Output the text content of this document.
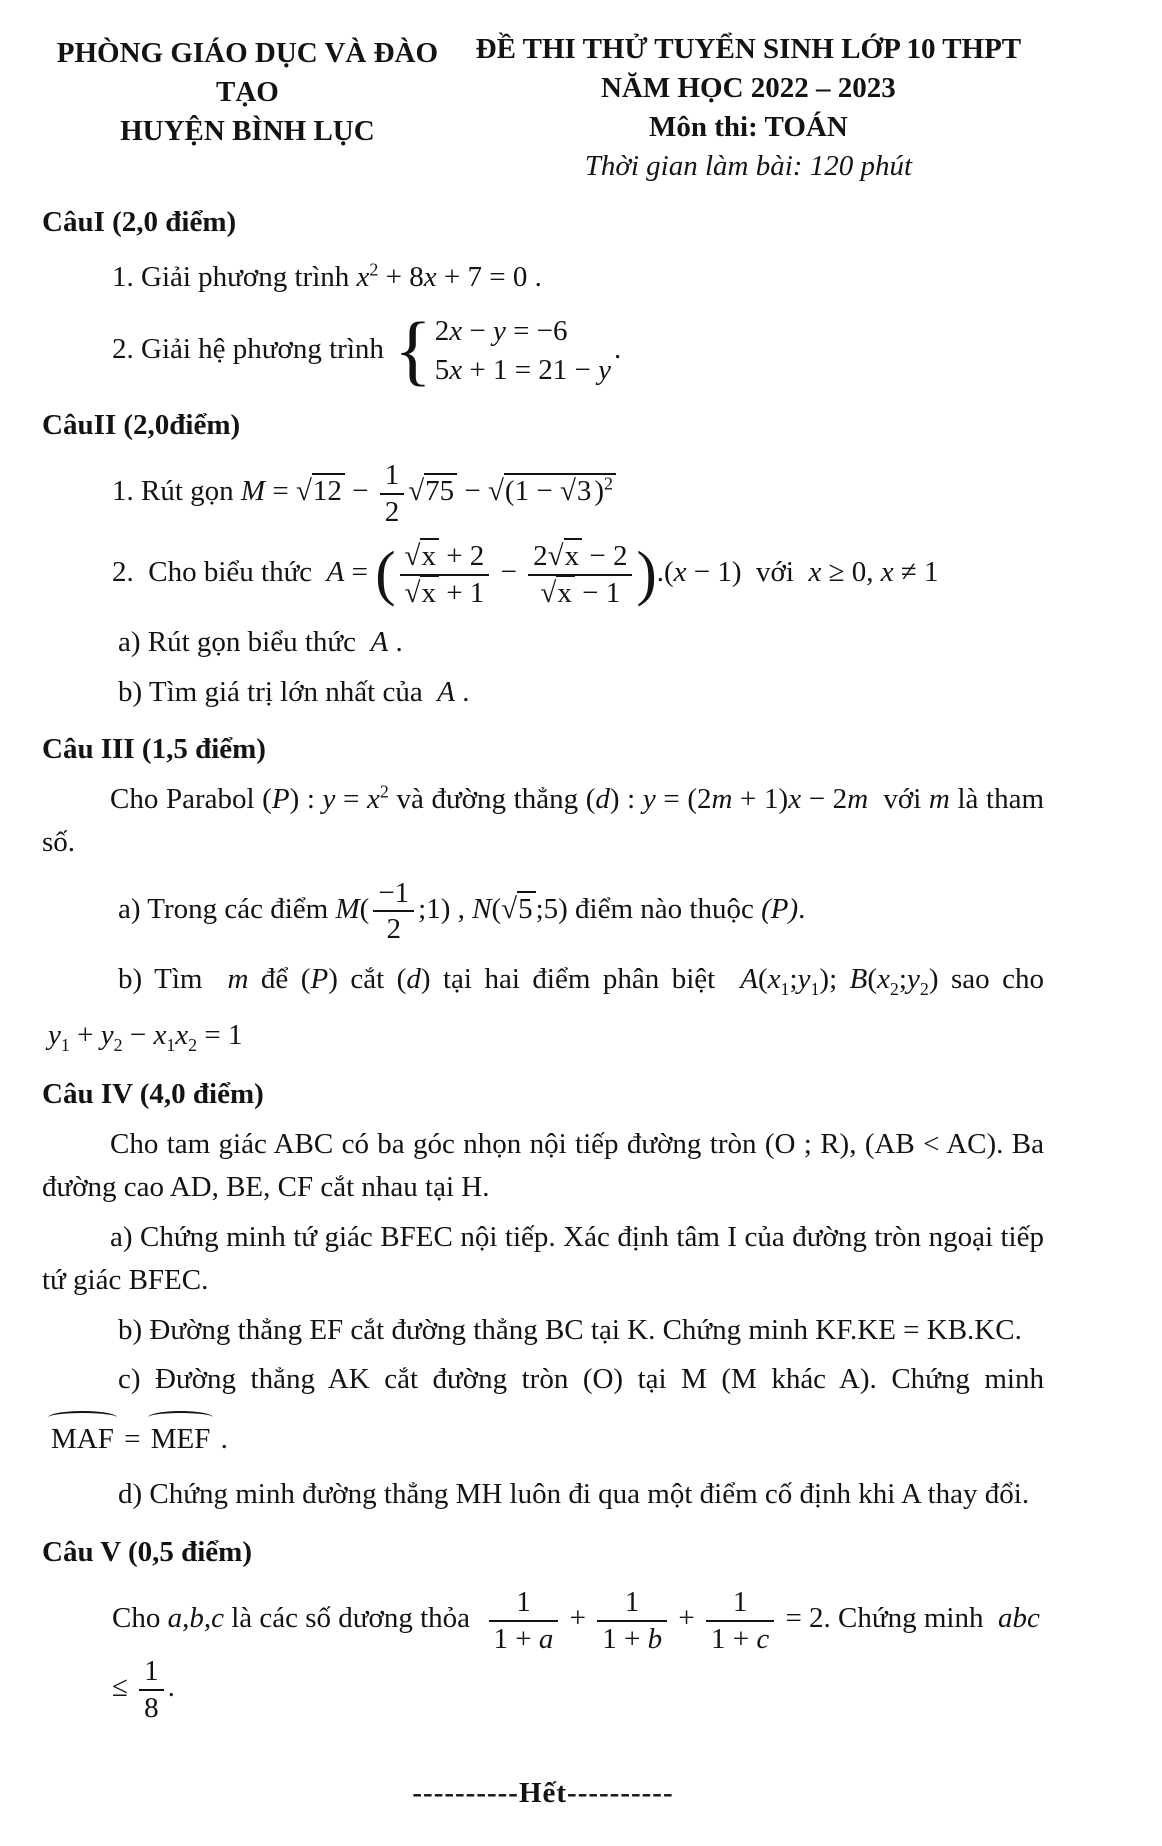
PHÒNG GIÁO DỤC VÀ ĐÀO TẠO
HUYỆN BÌNH LỤC
ĐỀ THI THỬ TUYỂN SINH LỚP 10 THPT
NĂM HỌC 2022 – 2023
Môn thi: TOÁN
Thời gian làm bài: 120 phút
CâuI (2,0 điểm)
1. Giải phương trình $x^2 + 8x + 7 = 0$ .
2. Giải hệ phương trình { 2x − y = −6
5x + 1 = 21 − y
.
CâuII (2,0điểm)
1. Rút gọn $M = √12 - \frac{1}{2} √75 - √(1 - √3$ )$^2$
2.  Cho biểu thức  A = ( $\frac{√x + 2}{√x + 1} - \frac{2√x - 2}{√x - 1} ).(x - 1)$  với  x ≥ 0, x ≠ 1
a) Rút gọn biểu thức  A .
b) Tìm giá trị lớn nhất của  A .
Câu III (1,5 điểm)
Cho Parabol (P) : $y = x^2$ và đường thẳng (d) : y = (2m + 1)x − 2m  với m là tham số.
a) Trong các điểm $M( \frac{-1}{2}$ ;1) , N(√5 ;5) điểm nào thuộc (P).
b) Tìm  m để (P) cắt (d) tại hai điểm phân biệt  $A(x_1;y_1)$; $B(x_2;y_2)$ sao cho
$y_1 + y_2 - x_1x_2 = 1$
Câu IV (4,0 điểm)
Cho tam giác ABC có ba góc nhọn nội tiếp đường tròn (O ; R), (AB < AC). Ba đường cao AD, BE, CF cắt nhau tại H.
a) Chứng minh tứ giác BFEC nội tiếp. Xác định tâm I của đường tròn ngoại tiếp tứ giác BFEC.
b) Đường thẳng EF cắt đường thẳng BC tại K. Chứng minh KF.KE = KB.KC.
c) Đường thẳng AK cắt đường tròn (O) tại M (M khác A). Chứng minh
MAF = MEF .
d) Chứng minh đường thẳng MH luôn đi qua một điểm cố định khi A thay đổi.
Câu V (0,5 điểm)
Cho a,b,c là các số dương thỏa $\frac{1}{1 + a} + \frac{1}{1 + b} + \frac{1}{1 + c} = 2$. Chứng minh  abc ≤ $\frac{1}{8}$ .
----------Hết----------
